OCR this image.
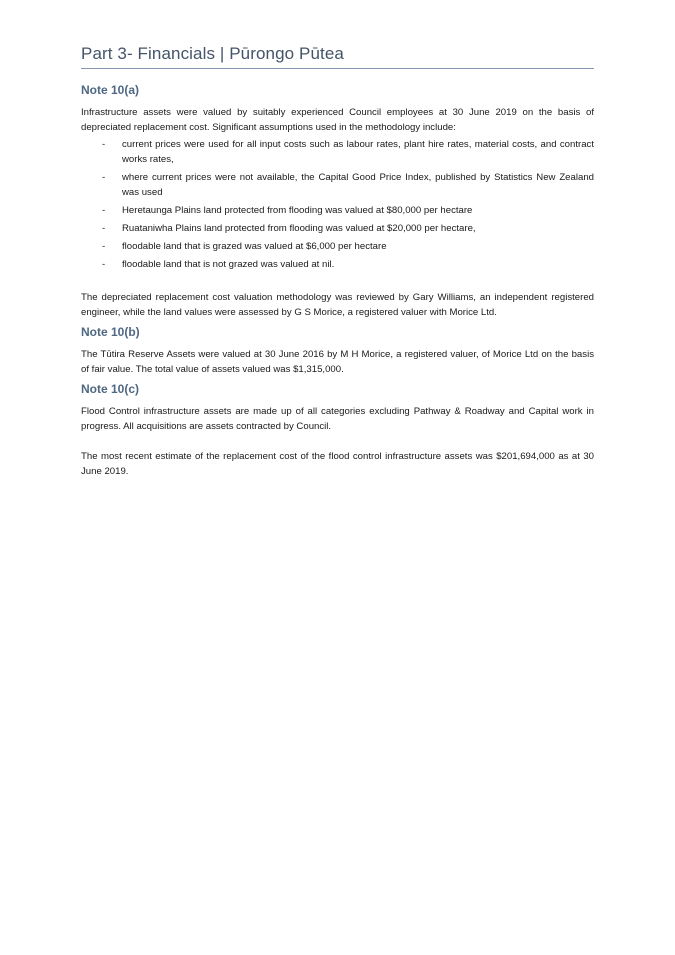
Part 3- Financials | Pūrongo Pūtea
Note 10(a)

Infrastructure assets were valued by suitably experienced Council employees at 30 June 2019 on the basis of depreciated replacement cost. Significant assumptions used in the methodology include:

- current prices were used for all input costs such as labour rates, plant hire rates, material costs, and contract works rates,
- where current prices were not available, the Capital Good Price Index, published by Statistics New Zealand was used
- Heretaunga Plains land protected from flooding was valued at $80,000 per hectare
- Ruataniwha Plains land protected from flooding was valued at $20,000 per hectare,
- floodable land that is grazed was valued at $6,000 per hectare
- floodable land that is not grazed was valued at nil.

The depreciated replacement cost valuation methodology was reviewed by Gary Williams, an independent registered engineer, while the land values were assessed by G S Morice, a registered valuer with Morice Ltd.

Note 10(b)

The Tūtira Reserve Assets were valued at 30 June 2016 by M H Morice, a registered valuer, of Morice Ltd on the basis of fair value. The total value of assets valued was $1,315,000.

Note 10(c)

Flood Control infrastructure assets are made up of all categories excluding Pathway & Roadway and Capital work in progress. All acquisitions are assets contracted by Council.

The most recent estimate of the replacement cost of the flood control infrastructure assets was $201,694,000 as at 30 June 2019.
